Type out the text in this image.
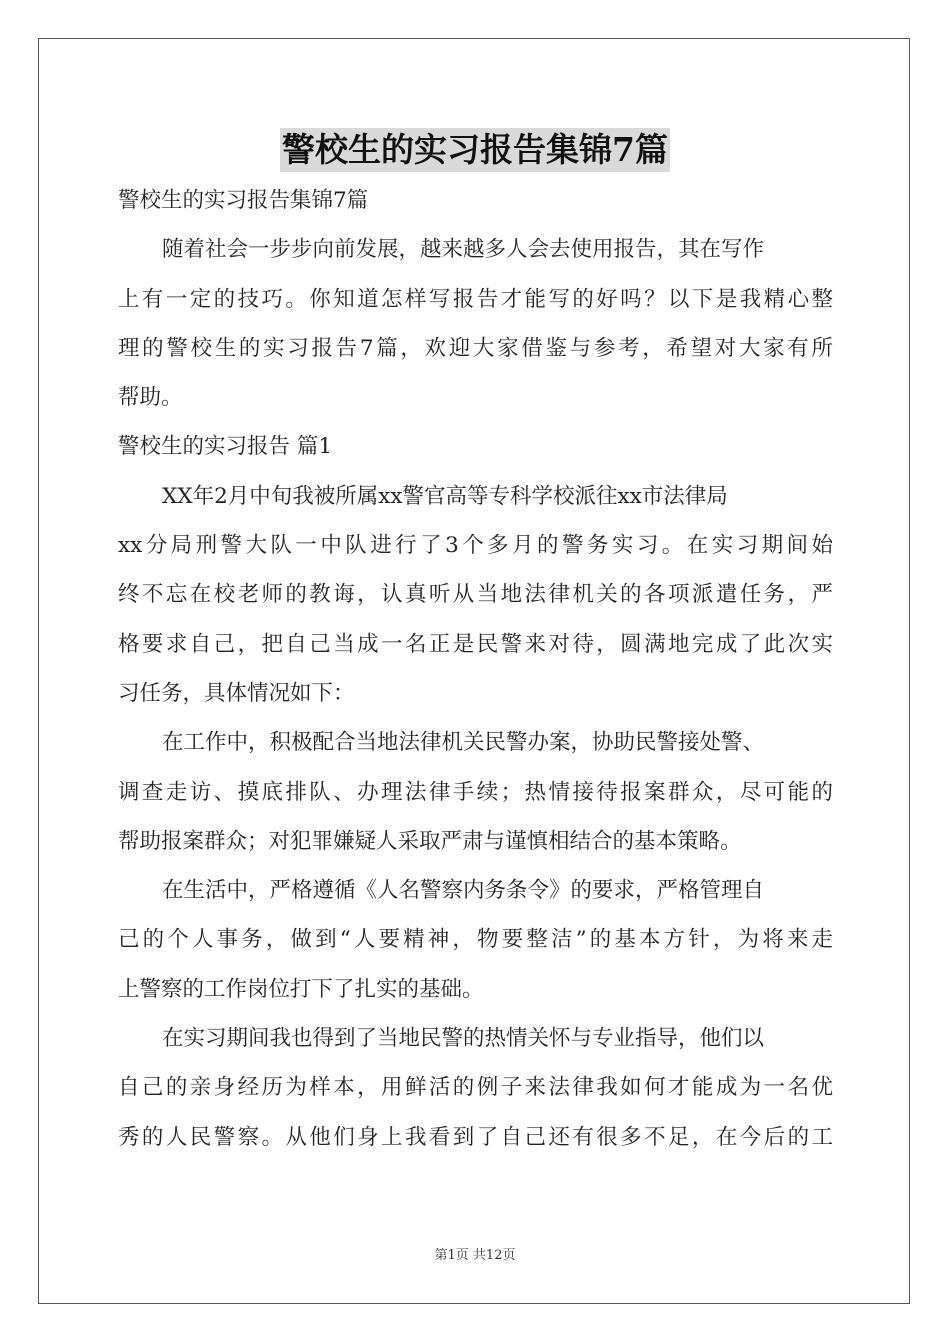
警校生的实习报告集锦7篇
警校生的实习报告集锦7篇
随着社会一步步向前发展，越来越多人会去使用报告，其在写作
上有一定的技巧。你知道怎样写报告才能写的好吗？以下是我精心整
理的警校生的实习报告7篇，欢迎大家借鉴与参考，希望对大家有所
帮助。
警校生的实习报告 篇1
XX年2月中旬我被所属xx警官高等专科学校派往xx市法律局
xx分局刑警大队一中队进行了3个多月的警务实习。在实习期间始
终不忘在校老师的教诲，认真听从当地法律机关的各项派遣任务，严
格要求自己，把自己当成一名正是民警来对待，圆满地完成了此次实
习任务，具体情况如下：
在工作中，积极配合当地法律机关民警办案，协助民警接处警、
调查走访、摸底排队、办理法律手续；热情接待报案群众，尽可能的
帮助报案群众；对犯罪嫌疑人采取严肃与谨慎相结合的基本策略。
在生活中，严格遵循《人名警察内务条令》的要求，严格管理自
己的个人事务，做到“人要精神，物要整洁”的基本方针，为将来走
上警察的工作岗位打下了扎实的基础。
在实习期间我也得到了当地民警的热情关怀与专业指导，他们以
自己的亲身经历为样本，用鲜活的例子来法律我如何才能成为一名优
秀的人民警察。从他们身上我看到了自己还有很多不足，在今后的工
第1页 共12页
